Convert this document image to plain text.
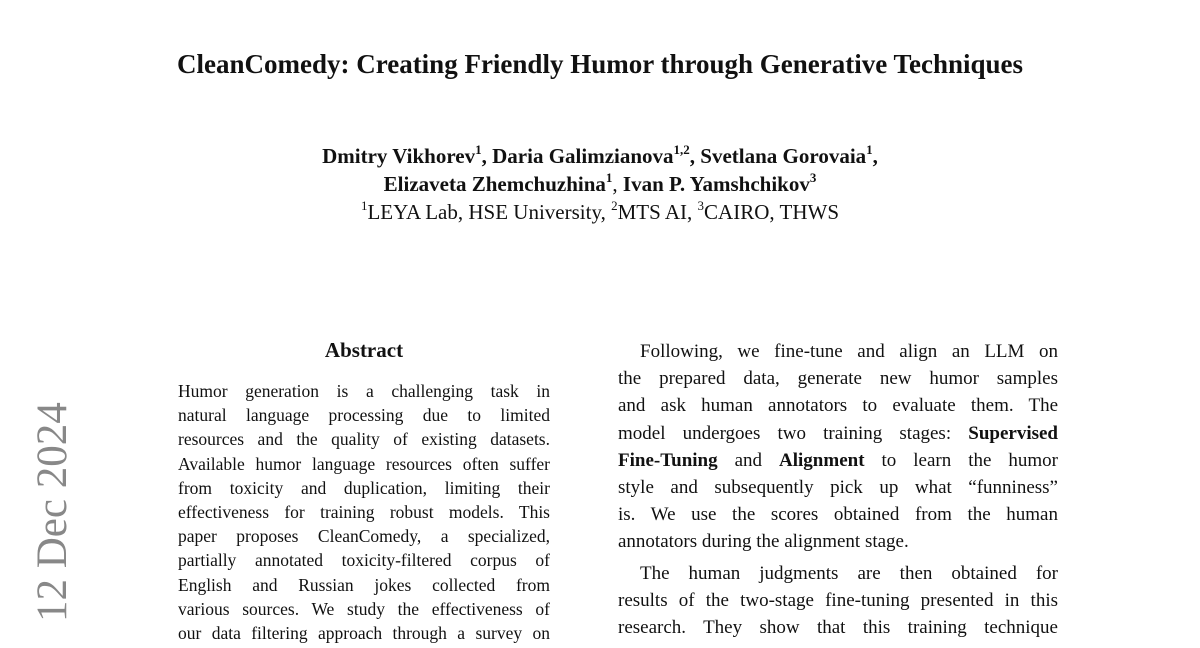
CleanComedy: Creating Friendly Humor through Generative Techniques
Dmitry Vikhorev$^1$, Daria Galimzianova$^{1,2}$, Svetlana Gorovaia$^1$,
Elizaveta Zhemchuzhina$^1$, Ivan P. Yamshchikov$^3$
$^1$LEYA Lab, HSE University, $^2$MTS AI, $^3$CAIRO, THWS
12 Dec 2024
Abstract
Humor generation is a challenging task in
natural language processing due to limited
resources and the quality of existing datasets.
Available humor language resources often suffer
from toxicity and duplication, limiting their
effectiveness for training robust models. This
paper proposes CleanComedy, a specialized,
partially annotated toxicity-filtered corpus of
English and Russian jokes collected from
various sources. We study the effectiveness of
our data filtering approach through a survey on
Following, we fine-tune and align an LLM on
the prepared data, generate new humor samples
and ask human annotators to evaluate them. The
model undergoes two training stages: Supervised
Fine-Tuning and Alignment to learn the humor
style and subsequently pick up what “funniness”
is. We use the scores obtained from the human
annotators during the alignment stage.
The human judgments are then obtained for
results of the two-stage fine-tuning presented in this
research. They show that this training technique
